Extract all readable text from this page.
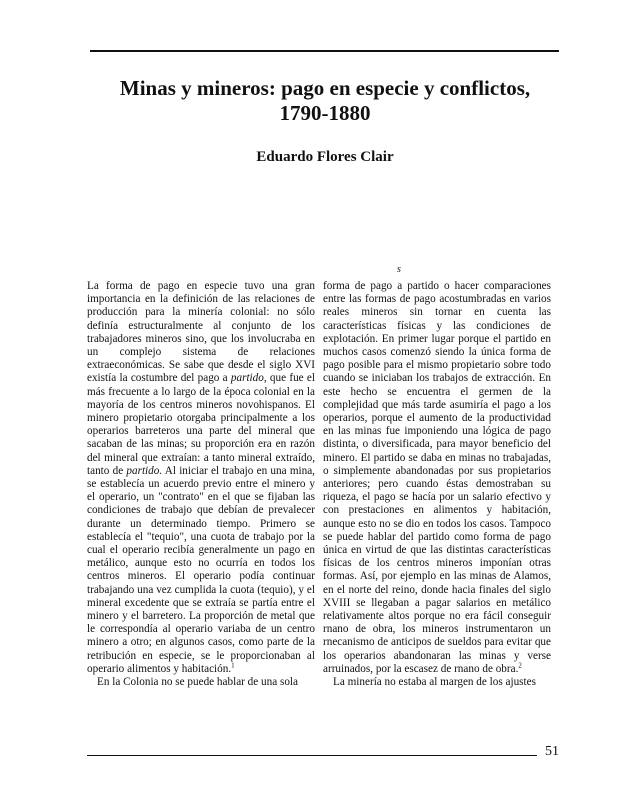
Minas y mineros: pago en especie y conflictos,
1790-1880
Eduardo Flores Clair
s

La forma de pago en especie tuvo una gran importancia en la definición de las relaciones de producción para la minería colonial: no sólo definía estructuralmente al conjunto de los trabajadores mineros sino, que los involucraba en un complejo sistema de relaciones extraeconómicas. Se sabe que desde el siglo XVI existía la costumbre del pago a partido, que fue el más frecuente a lo largo de la época colonial en la mayoría de los centros mineros novohispanos. El minero propietario otorgaba principalmente a los operarios barreteros una parte del mineral que sacaban de las minas; su proporción era en razón del mineral que extraían: a tanto mineral extraído, tanto de partido. Al iniciar el trabajo en una mina, se establecía un acuerdo previo entre el minero y el operario, un "contrato" en el que se fijaban las condiciones de trabajo que debían de prevalecer durante un determinado tiempo. Primero se establecía el "tequio", una cuota de trabajo por la cual el operario recibía generalmente un pago en metálico, aunque esto no ocurría en todos los centros mineros. El operario podía continuar trabajando una vez cumplida la cuota (tequio), y el mineral excedente que se extraía se partía entre el minero y el barretero. La proporción de metal que le correspondía al operario variaba de un centro minero a otro; en algunos casos, como parte de la retribución en especie, se le proporcionaban al operario alimentos y habitación.$^1$

En la Colonia no se puede hablar de una sola

forma de pago a partido o hacer comparaciones entre las formas de pago acostumbradas en varios reales mineros sin tornar en cuenta las características físicas y las condiciones de explotación. En primer lugar porque el partido en muchos casos comenzó siendo la única forma de pago posible para el mismo propietario sobre todo cuando se iniciaban los trabajos de extracción. En este hecho se encuentra el germen de la complejidad que más tarde asumiría el pago a los operarios, porque el aumento de la productividad en las minas fue imponiendo una lógica de pago distinta, o diversificada, para mayor beneficio del minero. El partido se daba en minas no trabajadas, o simplemente abandonadas por sus propietarios anteriores; pero cuando éstas demostraban su riqueza, el pago se hacía por un salario efectivo y con prestaciones en alimentos y habitación, aunque esto no se dio en todos los casos. Tampoco se puede hablar del partido como forma de pago única en virtud de que las distintas características físicas de los centros mineros imponían otras formas. Así, por ejemplo en las minas de Alamos, en el norte del reino, donde hacia finales del siglo XVIII se llegaban a pagar salarios en metálico relativamente altos porque no era fácil conseguir rnano de obra, los mineros instrumentaron un rnecanismo de anticipos de sueldos para evitar que los operarios abandonaran las minas y verse arruinados, por la escasez de rnano de obra.$^2$

La minería no estaba al margen de los ajustes

51
